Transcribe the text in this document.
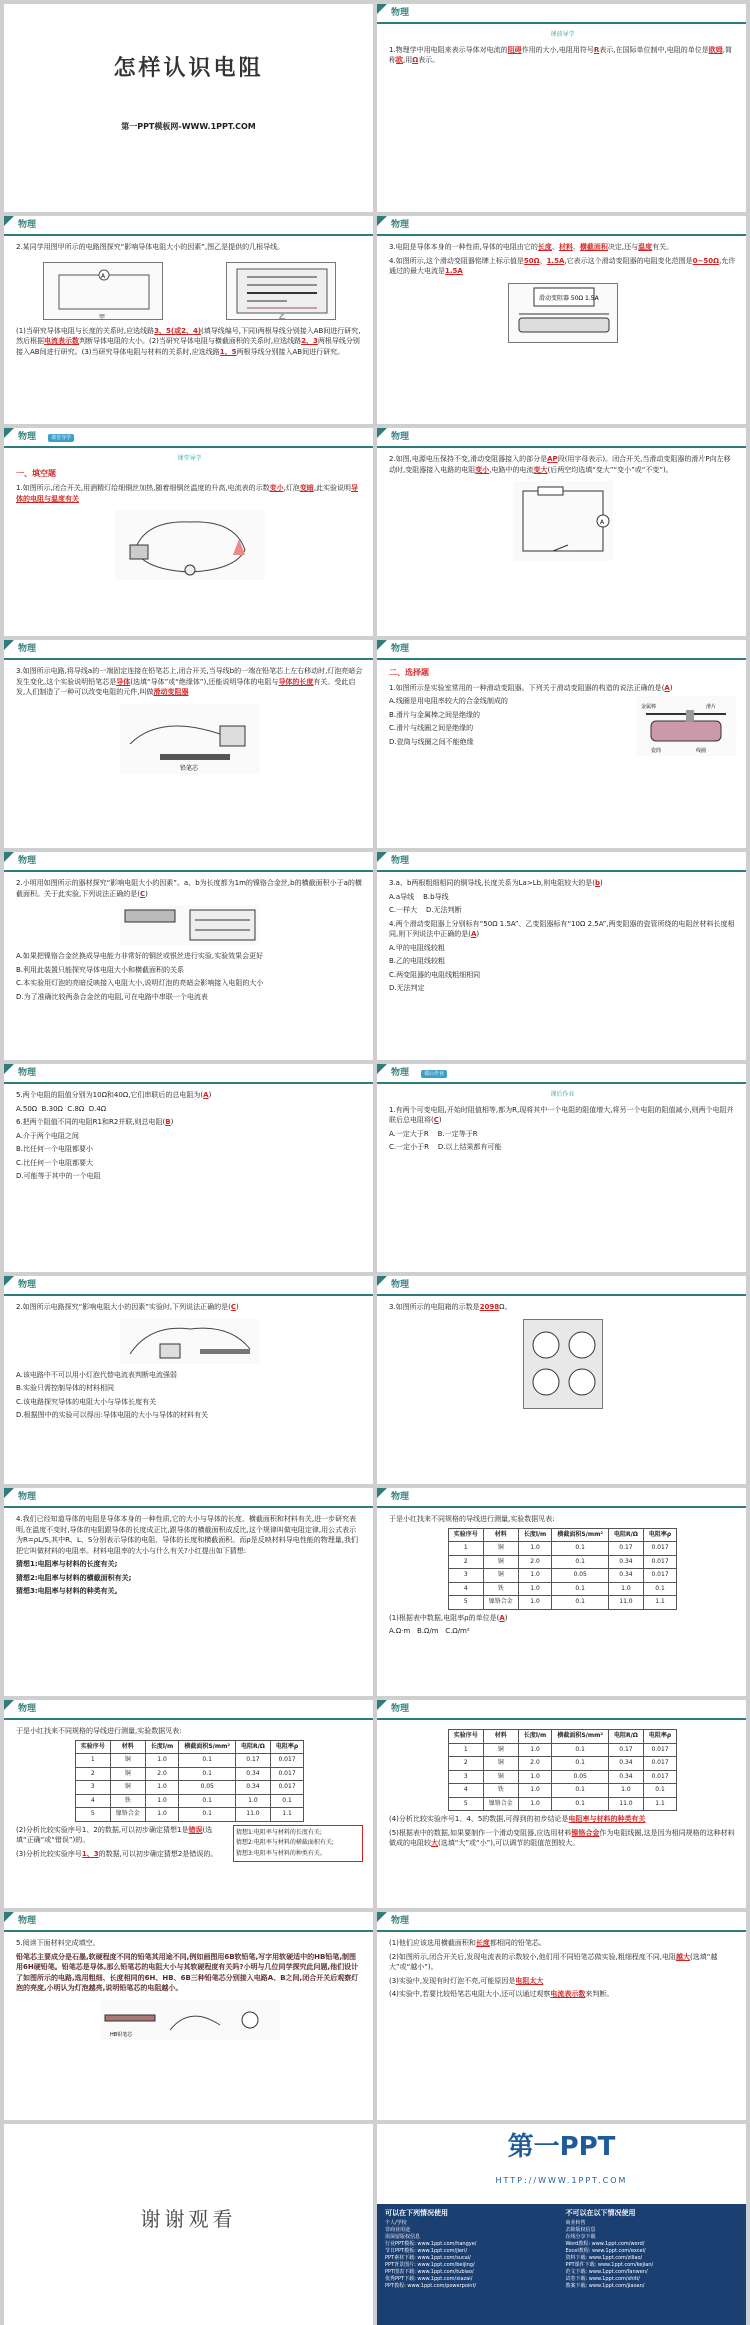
怎样认识电阻
第一PPT模板网-WWW.1PPT.COM
物理
课前导学

1.物理学中用电阻来表示导体对电流的阻碍作用的大小,电阻用符号R表示,在国际单位制中,电阻的单位是欧姆,简称欧,用Ω表示。

物理

2.某同学用图甲所示的电路图探究“影响导体电阻大小的因素”,图乙是提供的几根导线。

A
甲	乙

(1)当研究导体电阻与长度的关系时,应选线路3、5(或2、4)(填导线编号,下同)两根导线分别接入AB间进行研究,然后根据电流表示数判断导体电阻的大小。(2)当研究导体电阻与横截面积的关系时,应选线路2、3两根导线分别接入AB间进行研究。(3)当研究导体电阻与材料的关系时,应选线路1、5两根导线分别接入AB间进行研究。

物理

3.电阻是导体本身的一种性质,导体的电阻由它的长度、材料、横截面积决定,还与温度有关。

4.如图所示,这个滑动变阻器铭牌上标示值是50Ω、1.5A,它表示这个滑动变阻器的电阻变化范围是0~50Ω,允许通过的最大电流是1.5A

滑动变阻器 50Ω 1.5A
物理	课堂导学
课堂导学
一、填空题

1.如图所示,闭合开关,用酒精灯给细铜丝加热,随着细铜丝温度的升高,电流表的示数变小,灯泡变暗,此实验说明导体的电阻与温度有关

物理

2.如图,电源电压保持不变,滑动变阻器接入的部分是AP段(用字母表示)。闭合开关,当滑动变阻器的滑片P向左移动时,变阻器接入电路的电阻变小,电路中的电流变大(后两空均选填“变大”“变小”或“不变”)。

A
物理

3.如图所示电路,将导线a的一端固定连接在铅笔芯上,闭合开关,当导线b的一端在铅笔芯上左右移动时,灯泡亮暗会发生变化,这个实验说明铅笔芯是导体(选填“导体”或“绝缘体”),还能说明导体的电阻与导体的长度有关。受此启发,人们制造了一种可以改变电阻的元件,叫做滑动变阻器

铅笔芯
物理
二、选择题

1.如图所示是实验室常用的一种滑动变阻器。下列关于滑动变阻器的构造的说法正确的是(A)

A.线圈是用电阻率较大的合金线制成的

B.滑片与金属棒之间是绝缘的

C.滑片与线圈之间是绝缘的

D.瓷筒与线圈之间不能绝缘

金属棒	滑片
瓷筒	线圈
物理

2.小明用如图所示的器材探究“影响电阻大小的因素”。a、b为长度都为1m的镍铬合金丝,b的横截面积小于a的横截面积。关于此实验,下列说法正确的是(C)

A.如果把镍铬合金丝换成导电能力非常好的铜丝或银丝进行实验,实验效果会更好

B.利用此装置只能探究导体电阻大小和横截面积的关系

C.本实验用灯泡的亮暗反映接入电阻大小,说明灯泡的亮暗会影响接入电阻的大小

D.为了准确比较两条合金丝的电阻,可在电路中串联一个电流表

物理

3.a、b两根粗细相同的铜导线,长度关系为La>Lb,则电阻较大的是(b)

A.a导线 B.b导线

C.一样大 D.无法判断

4.两个滑动变阻器上分别标有“50Ω 1.5A”、乙变阻器标有“10Ω 2.5A”,两变阻器的瓷管所绕的电阻丝材料长度相同,则下列说法中正确的是(A)

A.甲的电阻线较粗

B.乙的电阻线较粗

C.两变阻器的电阻线粗细相同

D.无法判定

物理

5.两个电阻的阻值分别为10Ω和40Ω,它们串联后的总电阻为(A)

A.50Ω B.30Ω C.8Ω D.4Ω

6.把两个阻值不同的电阻R1和R2并联,则总电阻(B)

A.介于两个电阻之间

B.比任何一个电阻都要小

C.比任何一个电阻都要大

D.可能等于其中的一个电阻

物理	课后作业
课后作业

1.有两个可变电阻,开始时阻值相等,都为R,现将其中一个电阻的阻值增大,将另一个电阻的阻值减小,则两个电阻并联后总电阻将(C)

A.一定大于R B.一定等于R

C.一定小于R D.以上结果都有可能

物理

2.如图所示电路探究“影响电阻大小的因素”实验时,下列说法正确的是(C)

A.该电路中不可以用小灯泡代替电流表判断电流强弱

B.实验只需控制导体的材料相同

C.该电路探究导体的电阻大小与导体长度有关

D.根据图中的实验可以得出:导体电阻的大小与导体的材料有关

物理

3.如图所示的电阻箱的示数是2098Ω。

物理

4.我们已经知道导体的电阻是导体本身的一种性质,它的大小与导体的长度、横截面积和材料有关,进一步研究表明,在温度不变时,导体的电阻跟导体的长度成正比,跟导体的横截面积成反比,这个规律叫做电阻定律,用公式表示为R=ρL/S,其中R、L、S分别表示导体的电阻、导体的长度和横截面积。而ρ是反映材料导电性能的物理量,我们把它叫做材料的电阻率。材料电阻率的大小与什么有关?小红提出如下猜想:

猜想1:电阻率与材料的长度有关;

猜想2:电阻率与材料的横截面积有关;

猜想3:电阻率与材料的种类有关。

物理

于是小红找来不同规格的导线进行测量,实验数据见表:

实验序号	材料	长度l/m	横截面积S/mm²	电阻R/Ω	电阻率ρ
1	铜	1.0	0.1	0.17	0.017
2	铜	2.0	0.1	0.34	0.017
3	铜	1.0	0.05	0.34	0.017
4	铁	1.0	0.1	1.0	0.1
5	镍铬合金	1.0	0.1	11.0	1.1

(1)根据表中数据,电阻率ρ的单位是(A)

A.Ω·m B.Ω/m C.Ω/m²

物理

于是小红找来不同规格的导线进行测量,实验数据见表:

实验序号	材料	长度l/m	横截面积S/mm²	电阻R/Ω	电阻率ρ
1	铜	1.0	0.1	0.17	0.017
2	铜	2.0	0.1	0.34	0.017
3	铜	1.0	0.05	0.34	0.017
4	铁	1.0	0.1	1.0	0.1
5	镍铬合金	1.0	0.1	11.0	1.1

(2)分析比较实验序号1、2的数据,可以初步确定猜想1是错误(选填“正确”或“错误”)的。

(3)分析比较实验序号1、3的数据,可以初步确定猜想2是错误的。

猜想1:电阻率与材料的长度有关;
猜想2:电阻率与材料的横截面积有关;
猜想3:电阻率与材料的种类有关。
物理
实验序号	材料	长度l/m	横截面积S/mm²	电阻R/Ω	电阻率ρ
1	铜	1.0	0.1	0.17	0.017
2	铜	2.0	0.1	0.34	0.017
3	铜	1.0	0.05	0.34	0.017
4	铁	1.0	0.1	1.0	0.1
5	镍铬合金	1.0	0.1	11.0	1.1

(4)分析比较实验序号1、4、5的数据,可得到的初步结论是电阻率与材料的种类有关

(5)根据表中的数据,如果要制作一个滑动变阻器,应选用材料镍铬合金作为电阻线圈,这是因为相同规格的这种材料做成的电阻较大(选填“大”或“小”),可以调节的阻值范围较大。

物理

5.阅读下面材料完成填空。

铅笔芯主要成分是石墨,软硬程度不同的铅笔其用途不同,例如画图用6B软铅笔,写字用软硬适中的HB铅笔,制图用6H硬铅笔。铅笔芯是导体,那么铅笔芯的电阻大小与其软硬程度有关吗?小明与几位同学探究此问题,他们设计了如图所示的电路,选用粗细、长度相同的6H、HB、6B三种铅笔芯分别接入电路A、B之间,闭合开关后观察灯泡的亮度,小明认为灯泡越亮,说明铅笔芯的电阻越小。

HB铅笔芯
物理

(1)他们应该选用横截面积和长度都相同的铅笔芯。

(2)如图所示,闭合开关后,发现电流表的示数较小,他们用不同铅笔芯做实验,粗细程度不同,电阻越大(选填“越大”或“越小”)。

(3)实验中,发现有时灯泡不亮,可能原因是电阻太大

(4)实验中,若要比较铅笔芯电阻大小,还可以通过观察电流表示数来判断。

谢谢观看
第一PPT
HTTP://WWW.1PPT.COM
可以在下列情况使用
个人/学校
非商业用途
需保留版权信息
行业PPT模板: www.1ppt.com/hangye/
节日PPT模板: www.1ppt.com/jieri/
PPT素材下载: www.1ppt.com/sucai/
PPT背景图片: www.1ppt.com/beijing/
PPT图表下载: www.1ppt.com/tubiao/
优秀PPT下载: www.1ppt.com/xiazai/
PPT教程: www.1ppt.com/powerpoint/
不可以在以下情况使用
商业转售
去除版权信息
在线分享下载
Word教程: www.1ppt.com/word/
Excel教程: www.1ppt.com/excel/
资料下载: www.1ppt.com/ziliao/
PPT课件下载: www.1ppt.com/kejian/
范文下载: www.1ppt.com/fanwen/
试卷下载: www.1ppt.com/shiti/
教案下载: www.1ppt.com/jiaoan/
